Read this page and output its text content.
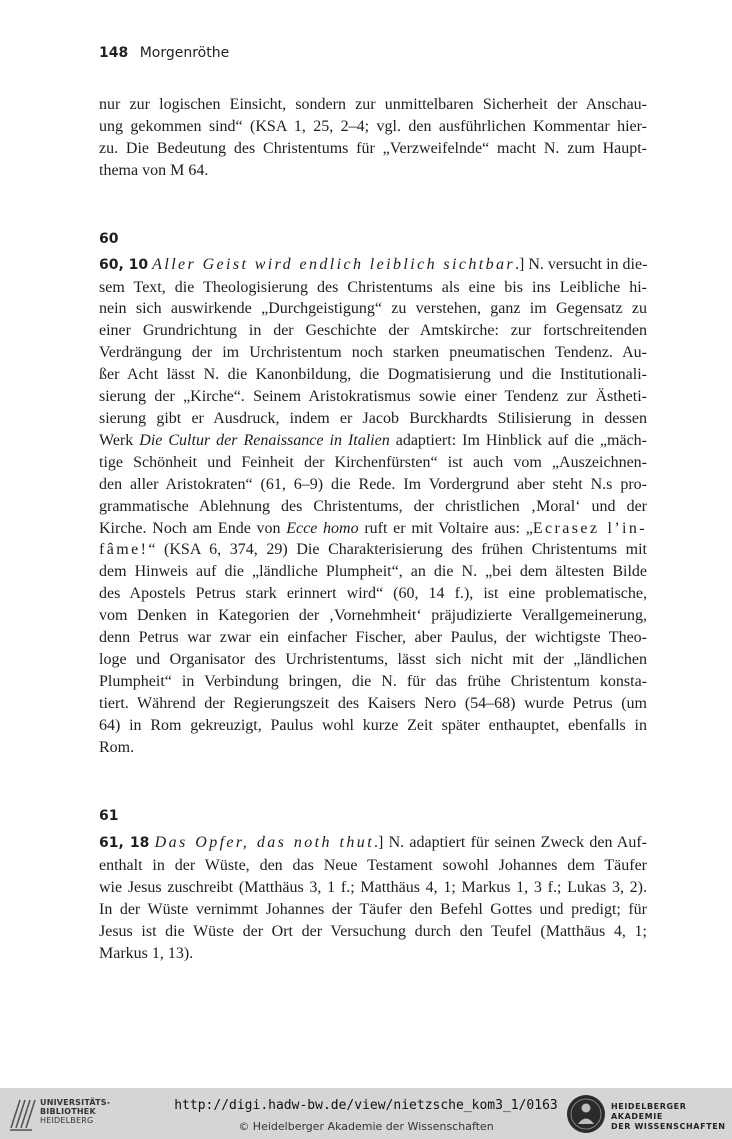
148 Morgenröthe

nur zur logischen Einsicht, sondern zur unmittelbaren Sicherheit der Anschau-
ung gekommen sind“ (KSA 1, 25, 2–4; vgl. den ausführlichen Kommentar hier-
zu. Die Bedeutung des Christentums für „Verzweifelnde“ macht N. zum Haupt-
thema von M 64.

60

60, 10 Aller Geist wird endlich leiblich sichtbar.] N. versucht in die-
sem Text, die Theologisierung des Christentums als eine bis ins Leibliche hi-
nein sich auswirkende „Durchgeistigung“ zu verstehen, ganz im Gegensatz zu
einer Grundrichtung in der Geschichte der Amtskirche: zur fortschreitenden
Verdrängung der im Urchristentum noch starken pneumatischen Tendenz. Au-
ßer Acht lässt N. die Kanonbildung, die Dogmatisierung und die Institutionali-
sierung der „Kirche“. Seinem Aristokratismus sowie einer Tendenz zur Ästheti-
sierung gibt er Ausdruck, indem er Jacob Burckhardts Stilisierung in dessen
Werk Die Cultur der Renaissance in Italien adaptiert: Im Hinblick auf die „mäch-
tige Schönheit und Feinheit der Kirchenfürsten“ ist auch vom „Auszeichnen-
den aller Aristokraten“ (61, 6–9) die Rede. Im Vordergrund aber steht N.s pro-
grammatische Ablehnung des Christentums, der christlichen ‚Moral‘ und der
Kirche. Noch am Ende von Ecce homo ruft er mit Voltaire aus: „Ecrasez l’in-
fâme!“ (KSA 6, 374, 29) Die Charakterisierung des frühen Christentums mit
dem Hinweis auf die „ländliche Plumpheit“, an die N. „bei dem ältesten Bilde
des Apostels Petrus stark erinnert wird“ (60, 14 f.), ist eine problematische,
vom Denken in Kategorien der ‚Vornehmheit‘ präjudizierte Verallgemeinerung,
denn Petrus war zwar ein einfacher Fischer, aber Paulus, der wichtigste Theo-
loge und Organisator des Urchristentums, lässt sich nicht mit der „ländlichen
Plumpheit“ in Verbindung bringen, die N. für das frühe Christentum konsta-
tiert. Während der Regierungszeit des Kaisers Nero (54–68) wurde Petrus (um
64) in Rom gekreuzigt, Paulus wohl kurze Zeit später enthauptet, ebenfalls in
Rom.

61

61, 18 Das Opfer, das noth thut.] N. adaptiert für seinen Zweck den Auf-
enthalt in der Wüste, den das Neue Testament sowohl Johannes dem Täufer
wie Jesus zuschreibt (Matthäus 3, 1 f.; Matthäus 4, 1; Markus 1, 3 f.; Lukas 3, 2).
In der Wüste vernimmt Johannes der Täufer den Befehl Gottes und predigt; für
Jesus ist die Wüste der Ort der Versuchung durch den Teufel (Matthäus 4, 1;
Markus 1, 13).

UNIVERSITÄTS-
BIBLIOTHEK
HEIDELBERG
http://digi.hadw-bw.de/view/nietzsche_kom3_1/0163
© Heidelberger Akademie der Wissenschaften
HEIDELBERGER AKADEMIE
DER WISSENSCHAFTEN
